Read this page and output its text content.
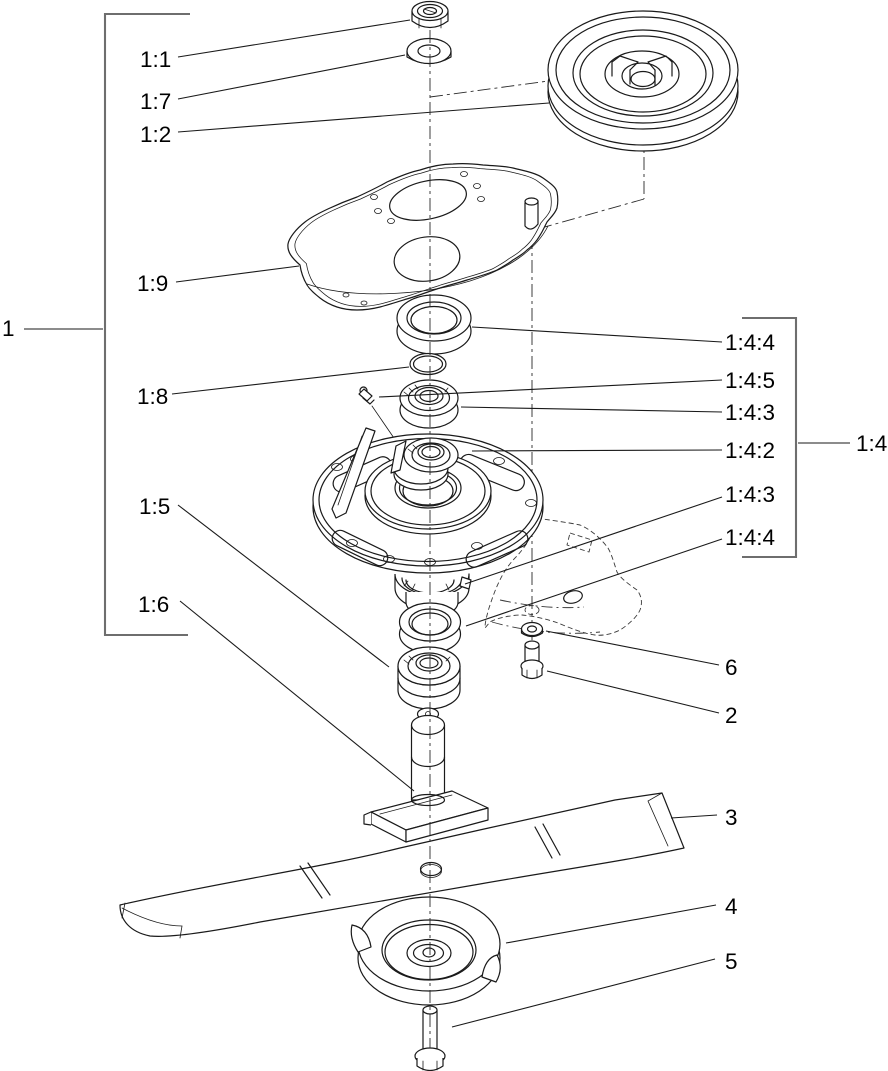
1
1:1
1:7
1:2
1:9
1:8
1:5
1:6
1:4:4
1:4:5
1:4:3
1:4:2
1:4:3
1:4:4
1:4
6
2
3
4
5
